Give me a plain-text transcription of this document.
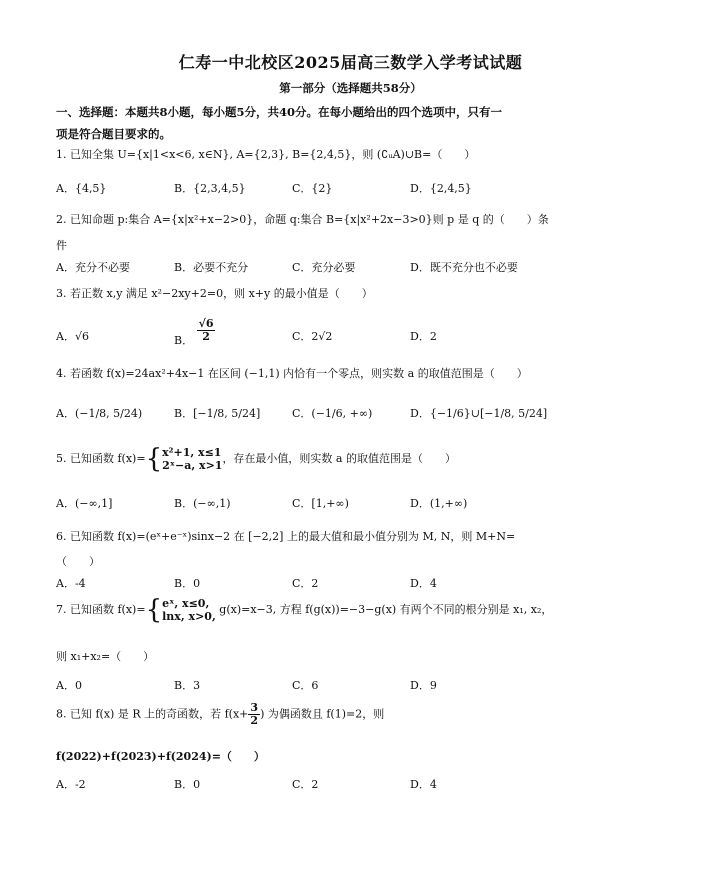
仁寿一中北校区2025届高三数学入学考试试题
第一部分（选择题共58分）
一、选择题：本题共8小题，每小题5分，共40分。在每小题给出的四个选项中，只有一
项是符合题目要求的。
1. 已知全集 U={x|1<x<6, x∈N}, A={2,3}, B={2,4,5}，则 (∁ᵤA)∪B=（　　）
A．{4,5}	B．{2,3,4,5}	C．{2}	D．{2,4,5}
2. 已知命题 p:集合 A={x|x²+x−2>0}，命题 q:集合 B={x|x²+2x−3>0}则 p 是 q 的（　　）条
件
A．充分不必要	B．必要不充分	C．充分必要	D．既不充分也不必要
3. 若正数 x,y 满足 x²−2xy+2=0，则 x+y 的最小值是（　　）
A．√6	B． $\frac{√6}{2}$	C．2√2	D．2
4. 若函数 f(x)=24ax²+4x−1 在区间 (−1,1) 内恰有一个零点，则实数 a 的取值范围是（　　）
A．(−1/8, 5/24)	B．[−1/8, 5/24]	C．(−1/6, +∞)	D．{−1/6}∪[−1/8, 5/24]
5. 已知函数 f(x)={ x²+1, x≤1
2ˣ−a, x>1
，存在最小值，则实数 a 的取值范围是（　　）
A．(−∞,1]	B．(−∞,1)	C．[1,+∞)	D．(1,+∞)
6. 已知函数 f(x)=(eˣ+e⁻ˣ)sinx−2 在 [−2,2] 上的最大值和最小值分别为 M, N，则 M+N=
（　　）
A．-4	B．0	C．2	D．4
7. 已知函数 f(x)={ eˣ, x≤0,
lnx, x>0,
g(x)=x−3, 方程 f(g(x))=−3−g(x) 有两个不同的根分别是 x₁, x₂，
则 x₁+x₂=（　　）
A．0	B．3	C．6	D．9
8. 已知 f(x) 是 R 上的奇函数，若 $f(x+ \frac{3}{2}$ ) 为偶函数且 f(1)=2，则
f(2022)+f(2023)+f(2024)=（　　）
A．-2	B．0	C．2	D．4
